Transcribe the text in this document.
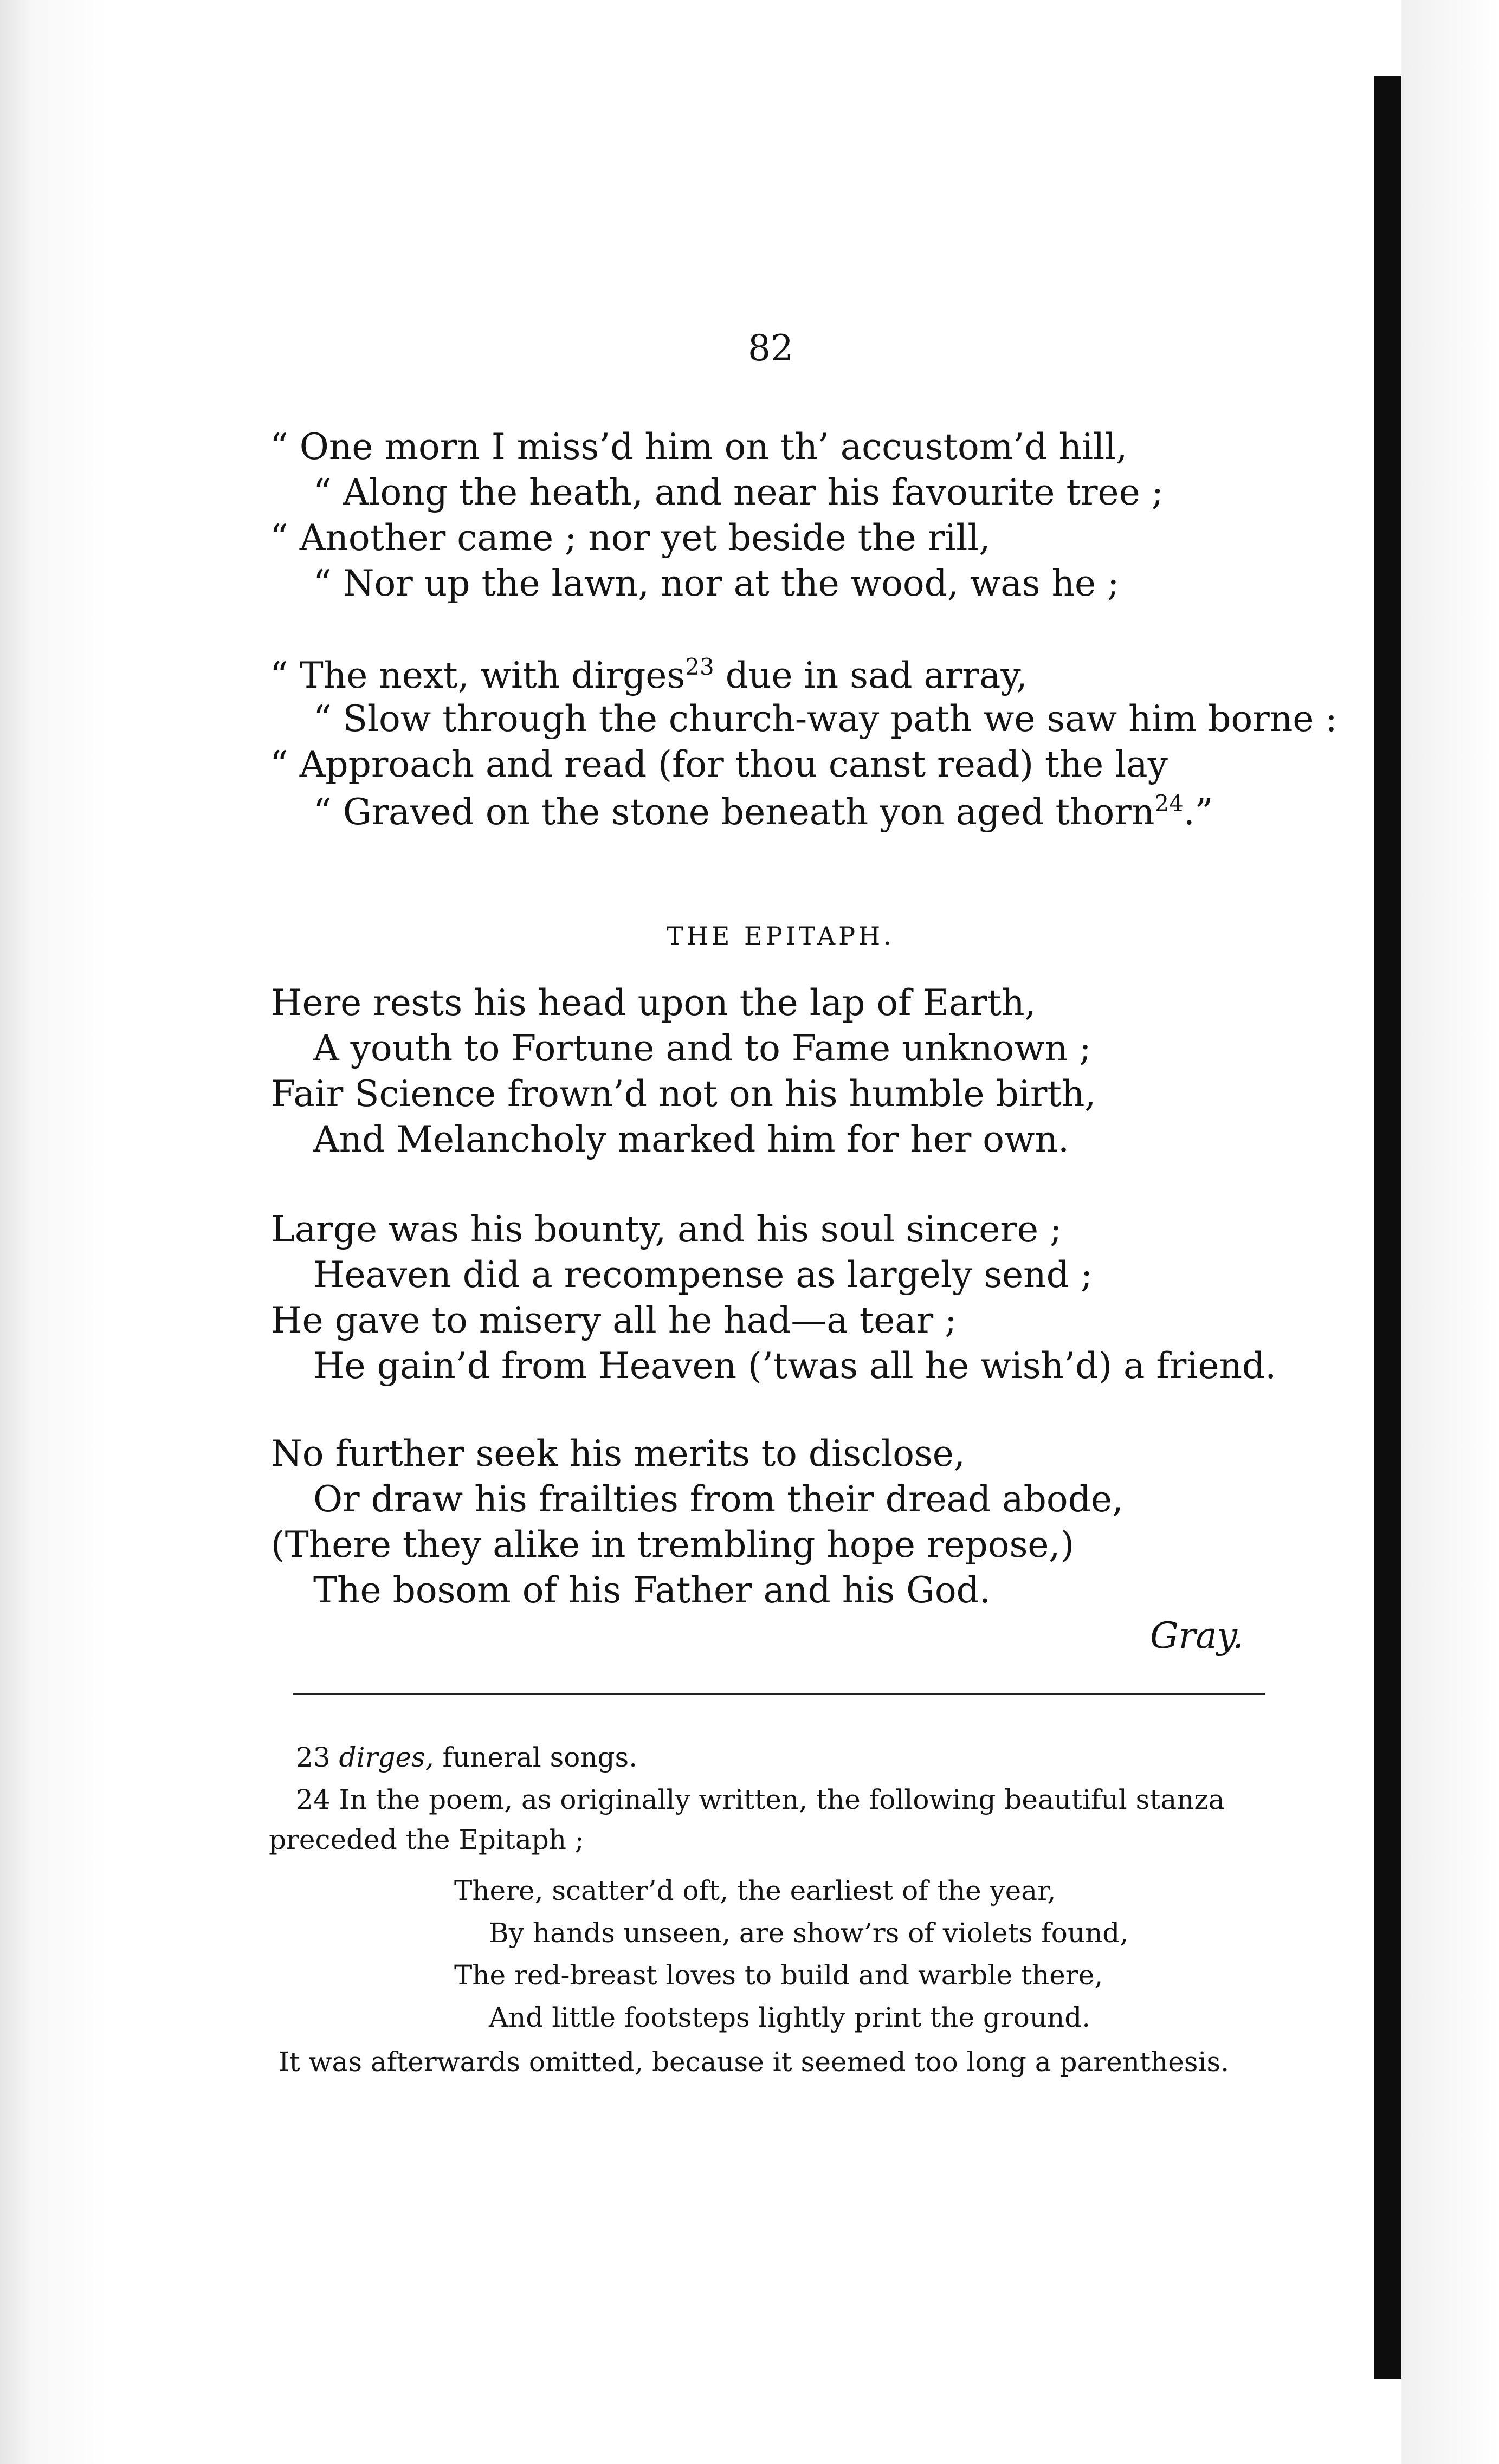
82
“ One morn I miss’d him on th’ accustom’d hill,
“ Along the heath, and near his favourite tree ;
“ Another came ; nor yet beside the rill,
“ Nor up the lawn, nor at the wood, was he ;
“ The next, with dirges$^{23}$ due in sad array,
“ Slow through the church-way path we saw him borne :
“ Approach and read (for thou canst read) the lay
“ Graved on the stone beneath yon aged thorn$^{24}$.”
THE EPITAPH.
Here rests his head upon the lap of Earth,
A youth to Fortune and to Fame unknown ;
Fair Science frown’d not on his humble birth,
And Melancholy marked him for her own.
Large was his bounty, and his soul sincere ;
Heaven did a recompense as largely send ;
He gave to misery all he had—a tear ;
He gain’d from Heaven (’twas all he wish’d) a friend.
No further seek his merits to disclose,
Or draw his frailties from their dread abode,
(There they alike in trembling hope repose,)
The bosom of his Father and his God.
Gray.
23 dirges, funeral songs.
24 In the poem, as originally written, the following beautiful stanza
preceded the Epitaph ;
There, scatter’d oft, the earliest of the year,
By hands unseen, are show’rs of violets found,
The red-breast loves to build and warble there,
And little footsteps lightly print the ground.
It was afterwards omitted, because it seemed too long a parenthesis.
